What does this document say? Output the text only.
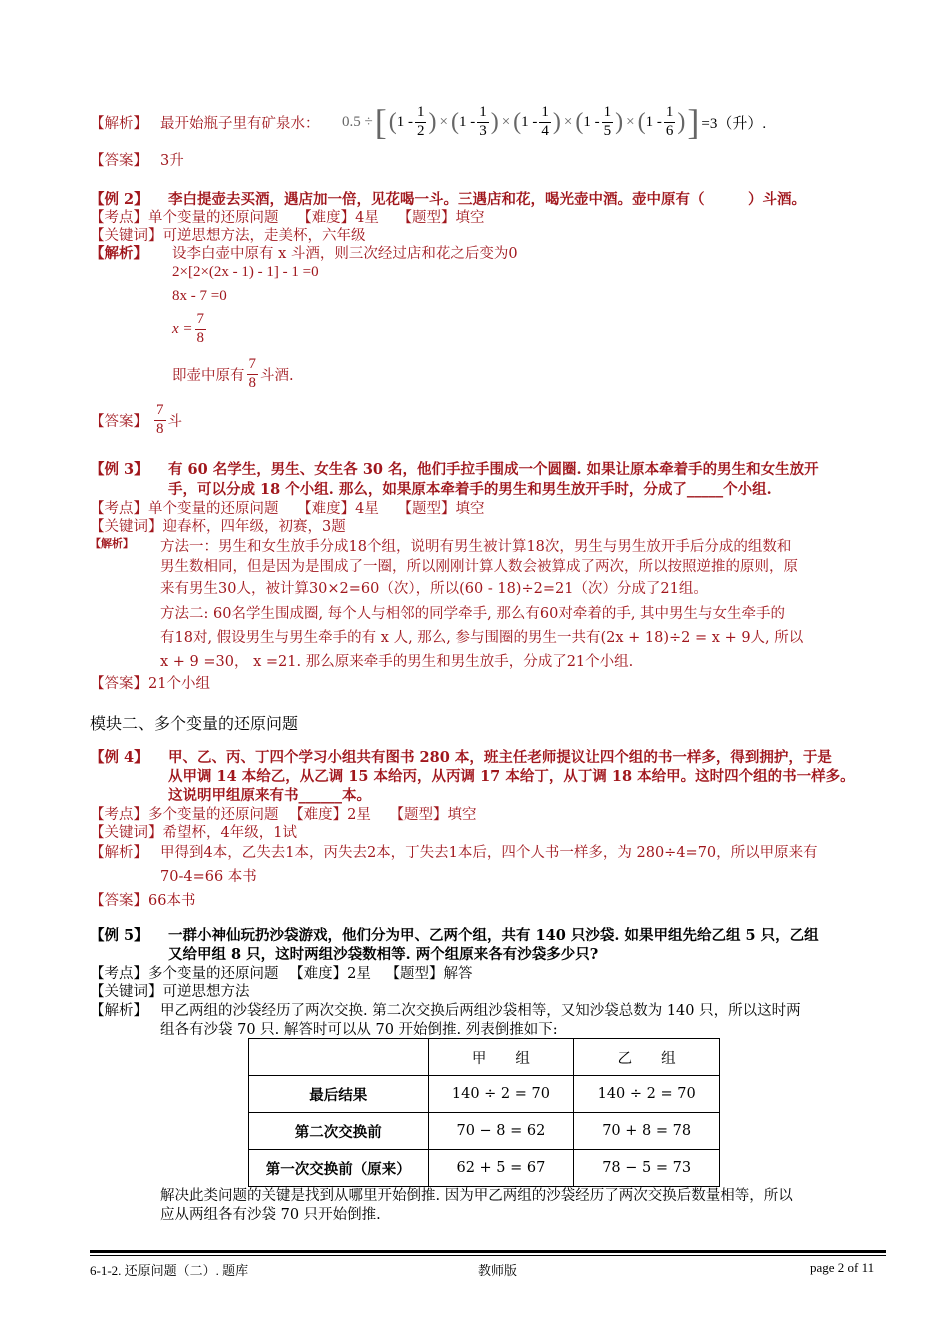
【解析】 最开始瓶子里有矿泉水： 0.5 ÷ [ ( $1 - \frac{1}{2}$ ) × ( $1 - \frac{1}{3}$ ) × ( $1 - \frac{1}{4}$ ) × ( $1 - \frac{1}{5}$ ) × ( $1 - \frac{1}{6}$ ) ] =3（升）.
【答案】 3升
【例 2】 李白提壶去买酒，遇店加一倍，见花喝一斗。三遇店和花，喝光壶中酒。壶中原有（　　　）斗酒。
【考点】单个变量的还原问题 【难度】4星 【题型】填空
【关键词】可逆思想方法，走美杯，六年级
【解析】 设李白壶中原有 x 斗酒，则三次经过店和花之后变为0
2×[2×(2x - 1) - 1] - 1 =0
8x - 7 =0
$x = \frac{7}{8}$
即壶中原有 $\frac{7}{8}$ 斗酒.
【答案】 $\frac{7}{8}$ 斗
【例 3】 有 60 名学生，男生、女生各 30 名，他们手拉手围成一个圆圈. 如果让原本牵着手的男生和女生放开
手，可以分成 18 个小组. 那么，如果原本牵着手的男生和男生放开手时，分成了_____个小组.
【考点】单个变量的还原问题 【难度】4星 【题型】填空
【关键词】迎春杯，四年级，初赛，3题
【解析】 方法一：男生和女生放手分成18个组，说明有男生被计算18次，男生与男生放开手后分成的组数和
男生数相同，但是因为是围成了一圈，所以刚刚计算人数会被算成了两次，所以按照逆推的原则，原
来有男生30人，被计算30×2=60（次），所以(60 - 18)÷2=21（次）分成了21组。
方法二: 60名学生围成圈, 每个人与相邻的同学牵手, 那么有60对牵着的手, 其中男生与女生牵手的
有18对, 假设男生与男生牵手的有 x 人, 那么, 参与围圈的男生一共有(2x + 18)÷2 = x + 9人, 所以
x + 9 =30， x =21. 那么原来牵手的男生和男生放手，分成了21个小组.
【答案】21个小组
模块二、多个变量的还原问题
【例 4】 甲、乙、丙、丁四个学习小组共有图书 280 本，班主任老师提议让四个组的书一样多，得到拥护，于是
从甲调 14 本给乙，从乙调 15 本给丙，从丙调 17 本给丁，从丁调 18 本给甲。这时四个组的书一样多。
这说明甲组原来有书______本。
【考点】多个变量的还原问题 【难度】2星 【题型】填空
【关键词】希望杯，4年级，1试
【解析】 甲得到4本，乙失去1本，丙失去2本，丁失去1本后，四个人书一样多，为 280÷4=70，所以甲原来有
70-4=66 本书
【答案】66本书
【例 5】 一群小神仙玩扔沙袋游戏，他们分为甲、乙两个组，共有 140 只沙袋. 如果甲组先给乙组 5 只，乙组
又给甲组 8 只，这时两组沙袋数相等. 两个组原来各有沙袋多少只?
【考点】多个变量的还原问题 【难度】2星 【题型】解答
【关键词】可逆思想方法
【解析】 甲乙两组的沙袋经历了两次交换. 第二次交换后两组沙袋相等，又知沙袋总数为 140 只，所以这时两
组各有沙袋 70 只. 解答时可以从 70 开始倒推. 列表倒推如下:
	甲　　组	乙　　组
最后结果	140 ÷ 2 = 70	140 ÷ 2 = 70
第二次交换前	70 − 8 = 62	70 + 8 = 78
第一次交换前（原来）	62 + 5 = 67	78 − 5 = 73
解决此类问题的关键是找到从哪里开始倒推. 因为甲乙两组的沙袋经历了两次交换后数量相等，所以
应从两组各有沙袋 70 只开始倒推.
6-1-2. 还原问题（二）. 题库	教师版	page 2 of 11
